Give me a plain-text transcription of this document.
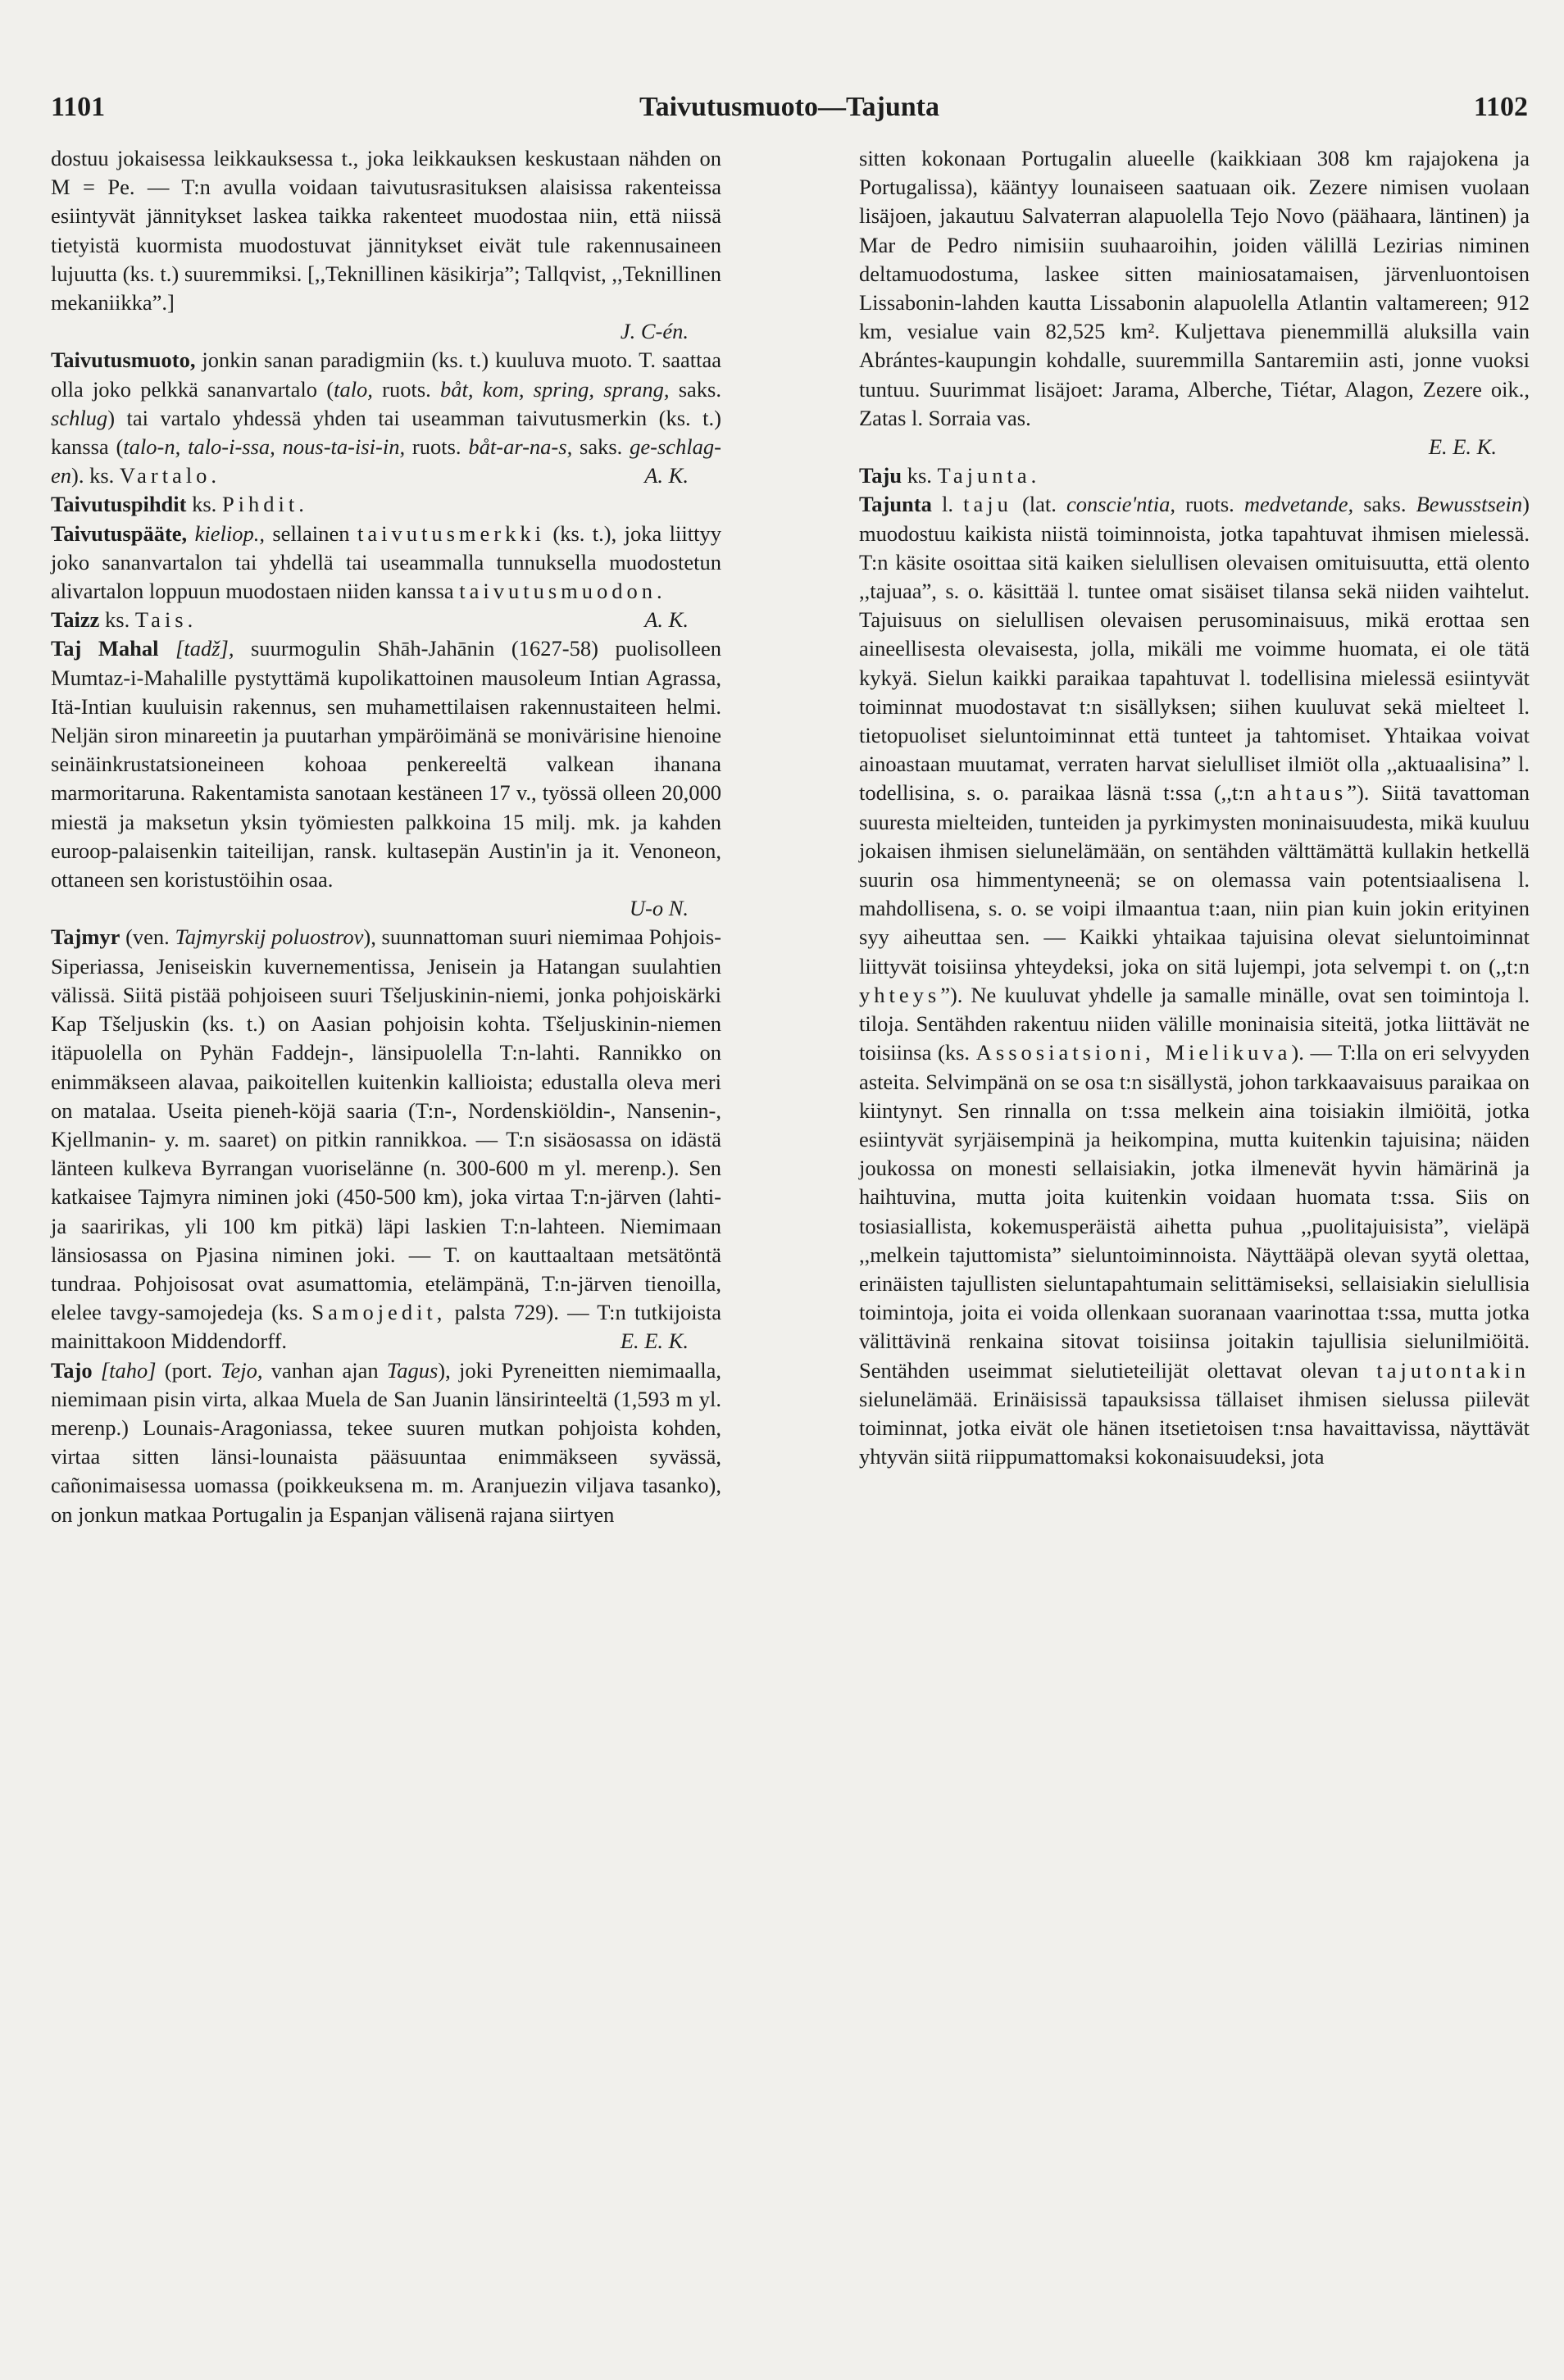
1101	Taivutusmuoto—Tajunta	1102

dostuu jokaisessa leikkauksessa t., joka leikkauksen keskustaan nähden on M = Pe. — T:n avulla voidaan taivutusrasituksen alaisissa rakenteissa esiintyvät jännitykset laskea taikka rakenteet muodostaa niin, että niissä tietyistä kuormista muodostuvat jännitykset eivät tule rakennusaineen lujuutta (ks. t.) suuremmiksi. [,,Teknillinen käsikirja”; Tallqvist, ,,Teknillinen mekaniikka”.]
J. C-én.

Taivutusmuoto, jonkin sanan paradigmiin (ks. t.) kuuluva muoto. T. saattaa olla joko pelkkä sananvartalo (talo, ruots. båt, kom, spring, sprang, saks. schlug) tai vartalo yhdessä yhden tai useamman taivutusmerkin (ks. t.) kanssa (talo-n, talo-i-ssa, nous-ta-isi-in, ruots. båt-ar-na-s, saks. ge-schlag-en). ks. Vartalo.	A. K.

Taivutuspihdit ks. Pihdit.

Taivutuspääte, kieliop., sellainen taivutusmerkki (ks. t.), joka liittyy joko sananvartalon tai yhdellä tai useammalla tunnuksella muodostetun alivartalon loppuun muodostaen niiden kanssa taivutusmuodon.
A. K.

Taizz ks. Tais.

Taj Mahal [tadž], suurmogulin Shāh-Jahānin (1627-58) puolisolleen Mumtaz-i-Mahalille pystyttämä kupolikattoinen mausoleum Intian Agrassa, Itä-Intian kuuluisin rakennus, sen muhamettilaisen rakennustaiteen helmi. Neljän siron minareetin ja puutarhan ympäröimänä se monivärisine hienoine seinäinkrustatsioneineen kohoaa penkereeltä valkean ihanana marmoritaruna. Rakentamista sanotaan kestäneen 17 v., työssä olleen 20,000 miestä ja maksetun yksin työmiesten palkkoina 15 milj. mk. ja kahden euroop-palaisenkin taiteilijan, ransk. kultasepän Austin'in ja it. Venoneon, ottaneen sen koristustöihin osaa.
U-o N.

Tajmyr (ven. Tajmyrskij poluostrov), suunnattoman suuri niemimaa Pohjois-Siperiassa, Jeniseiskin kuvernementissa, Jenisein ja Hatangan suulahtien välissä. Siitä pistää pohjoiseen suuri Tšeljuskinin-niemi, jonka pohjoiskärki Kap Tšeljuskin (ks. t.) on Aasian pohjoisin kohta. Tšeljuskinin-niemen itäpuolella on Pyhän Faddejn-, länsipuolella T:n-lahti. Rannikko on enimmäkseen alavaa, paikoitellen kuitenkin kallioista; edustalla oleva meri on matalaa. Useita pieneh-köjä saaria (T:n-, Nordenskiöldin-, Nansenin-, Kjellmanin- y. m. saaret) on pitkin rannikkoa. — T:n sisäosassa on idästä länteen kulkeva Byrrangan vuoriselänne (n. 300-600 m yl. merenp.). Sen katkaisee Tajmyra niminen joki (450-500 km), joka virtaa T:n-järven (lahti- ja saaririkas, yli 100 km pitkä) läpi laskien T:n-lahteen. Niemimaan länsiosassa on Pjasina niminen joki. — T. on kauttaaltaan metsätöntä tundraa. Pohjoisosat ovat asumattomia, etelämpänä, T:n-järven tienoilla, elelee tavgy-samojedeja (ks. Samojedit, palsta 729). — T:n tutkijoista mainittakoon Middendorff.	E. E. K.

Tajo [taho] (port. Tejo, vanhan ajan Tagus), joki Pyreneitten niemimaalla, niemimaan pisin virta, alkaa Muela de San Juanin länsirinteeltä (1,593 m yl. merenp.) Lounais-Aragoniassa, tekee suuren mutkan pohjoista kohden, virtaa sitten länsi-lounaista pääsuuntaa enimmäkseen syvässä, cañonimaisessa uomassa (poikkeuksena m. m. Aranjuezin viljava tasanko), on jonkun matkaa Portugalin ja Espanjan välisenä rajana siirtyen

sitten kokonaan Portugalin alueelle (kaikkiaan 308 km rajajokena ja Portugalissa), kääntyy lounaiseen saatuaan oik. Zezere nimisen vuolaan lisäjoen, jakautuu Salvaterran alapuolella Tejo Novo (päähaara, läntinen) ja Mar de Pedro nimisiin suuhaaroihin, joiden välillä Lezirias niminen deltamuodostuma, laskee sitten mainiosatamaisen, järvenluontoisen Lissabonin-lahden kautta Lissabonin alapuolella Atlantin valtamereen; 912 km, vesialue vain 82,525 km². Kuljettava pienemmillä aluksilla vain Abrántes-kaupungin kohdalle, suuremmilla Santaremiin asti, jonne vuoksi tuntuu. Suurimmat lisäjoet: Jarama, Alberche, Tiétar, Alagon, Zezere oik., Zatas l. Sorraia vas.
E. E. K.

Taju ks. Tajunta.

Tajunta l. taju (lat. conscie'ntia, ruots. medvetande, saks. Bewusstsein) muodostuu kaikista niistä toiminnoista, jotka tapahtuvat ihmisen mielessä. T:n käsite osoittaa sitä kaiken sielullisen olevaisen omituisuutta, että olento ,,tajuaa”, s. o. käsittää l. tuntee omat sisäiset tilansa sekä niiden vaihtelut. Tajuisuus on sielullisen olevaisen perusominaisuus, mikä erottaa sen aineellisesta olevaisesta, jolla, mikäli me voimme huomata, ei ole tätä kykyä. Sielun kaikki paraikaa tapahtuvat l. todellisina mielessä esiintyvät toiminnat muodostavat t:n sisällyksen; siihen kuuluvat sekä mielteet l. tietopuoliset sieluntoiminnat että tunteet ja tahtomiset. Yhtaikaa voivat ainoastaan muutamat, verraten harvat sielulliset ilmiöt olla ,,aktuaalisina” l. todellisina, s. o. paraikaa läsnä t:ssa (,,t:n ahtaus”). Siitä tavattoman suuresta mielteiden, tunteiden ja pyrkimysten moninaisuudesta, mikä kuuluu jokaisen ihmisen sielunelämään, on sentähden välttämättä kullakin hetkellä suurin osa himmentyneenä; se on olemassa vain potentsiaalisena l. mahdollisena, s. o. se voipi ilmaantua t:aan, niin pian kuin jokin erityinen syy aiheuttaa sen. — Kaikki yhtaikaa tajuisina olevat sieluntoiminnat liittyvät toisiinsa yhteydeksi, joka on sitä lujempi, jota selvempi t. on (,,t:n yhteys”). Ne kuuluvat yhdelle ja samalle minälle, ovat sen toimintoja l. tiloja. Sentähden rakentuu niiden välille moninaisia siteitä, jotka liittävät ne toisiinsa (ks. Assosiatsioni, Mielikuva). — T:lla on eri selvyyden asteita. Selvimpänä on se osa t:n sisällystä, johon tarkkaavaisuus paraikaa on kiintynyt. Sen rinnalla on t:ssa melkein aina toisiakin ilmiöitä, jotka esiintyvät syrjäisempinä ja heikompina, mutta kuitenkin tajuisina; näiden joukossa on monesti sellaisiakin, jotka ilmenevät hyvin hämärinä ja haihtuvina, mutta joita kuitenkin voidaan huomata t:ssa. Siis on tosiasiallista, kokemusperäistä aihetta puhua ,,puolitajuisista”, vieläpä ,,melkein tajuttomista” sieluntoiminnoista. Näyttääpä olevan syytä olettaa, erinäisten tajullisten sieluntapahtumain selittämiseksi, sellaisiakin sielullisia toimintoja, joita ei voida ollenkaan suoranaan vaarinottaa t:ssa, mutta jotka välittävinä renkaina sitovat toisiinsa joitakin tajullisia sielunilmiöitä. Sentähden useimmat sielutieteilijät olettavat olevan tajutontakin sielunelämää. Erinäisissä tapauksissa tällaiset ihmisen sielussa piilevät toiminnat, jotka eivät ole hänen itsetietoisen t:nsa havaittavissa, näyttävät yhtyvän siitä riippumattomaksi kokonaisuudeksi, jota
